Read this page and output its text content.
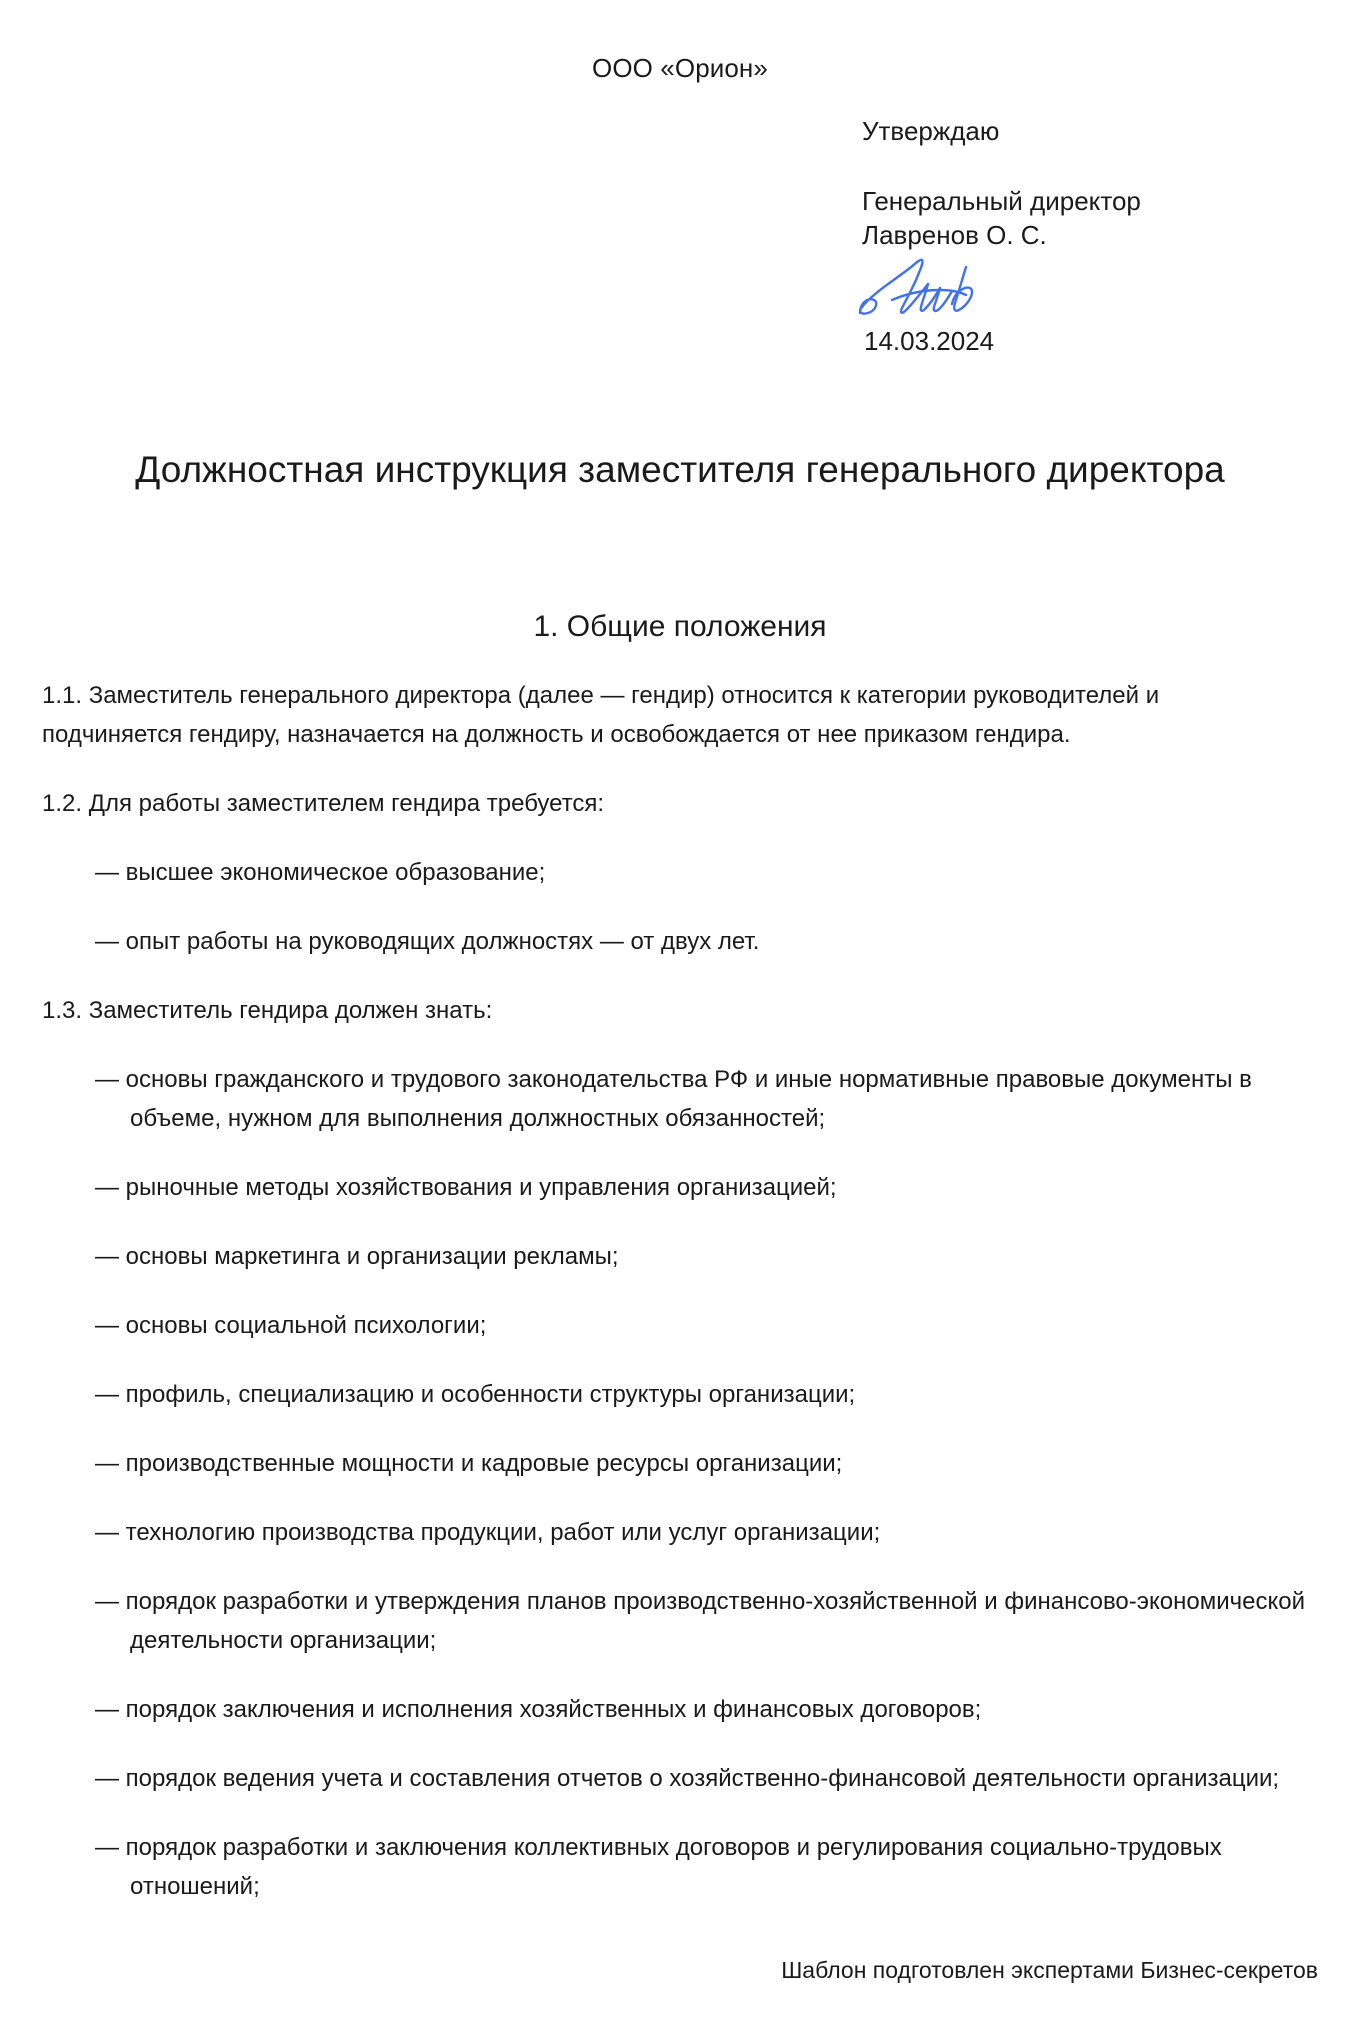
ООО «Орион»

Утверждаю

Генеральный директор

Лавренов О. С.

14.03.2024

Должностная инструкция заместителя генерального директора
1. Общие положения

1.1. Заместитель генерального директора (далее — гендир) относится к категории руководителей и подчиняется гендиру, назначается на должность и освобождается от нее приказом гендира.

1.2. Для работы заместителем гендира требуется:

— высшее экономическое образование;

— опыт работы на руководящих должностях — от двух лет.

1.3. Заместитель гендира должен знать:

— основы гражданского и трудового законодательства РФ и иные нормативные правовые документы в объеме, нужном для выполнения должностных обязанностей;

— рыночные методы хозяйствования и управления организацией;

— основы маркетинга и организации рекламы;

— основы социальной психологии;

— профиль, специализацию и особенности структуры организации;

— производственные мощности и кадровые ресурсы организации;

— технологию производства продукции, работ или услуг организации;

— порядок разработки и утверждения планов производственно-хозяйственной и финансово-экономической деятельности организации;

— порядок заключения и исполнения хозяйственных и финансовых договоров;

— порядок ведения учета и составления отчетов о хозяйственно-финансовой деятельности организации;

— порядок разработки и заключения коллективных договоров и регулирования социально-трудовых отношений;

Шаблон подготовлен экспертами Бизнес-секретов
